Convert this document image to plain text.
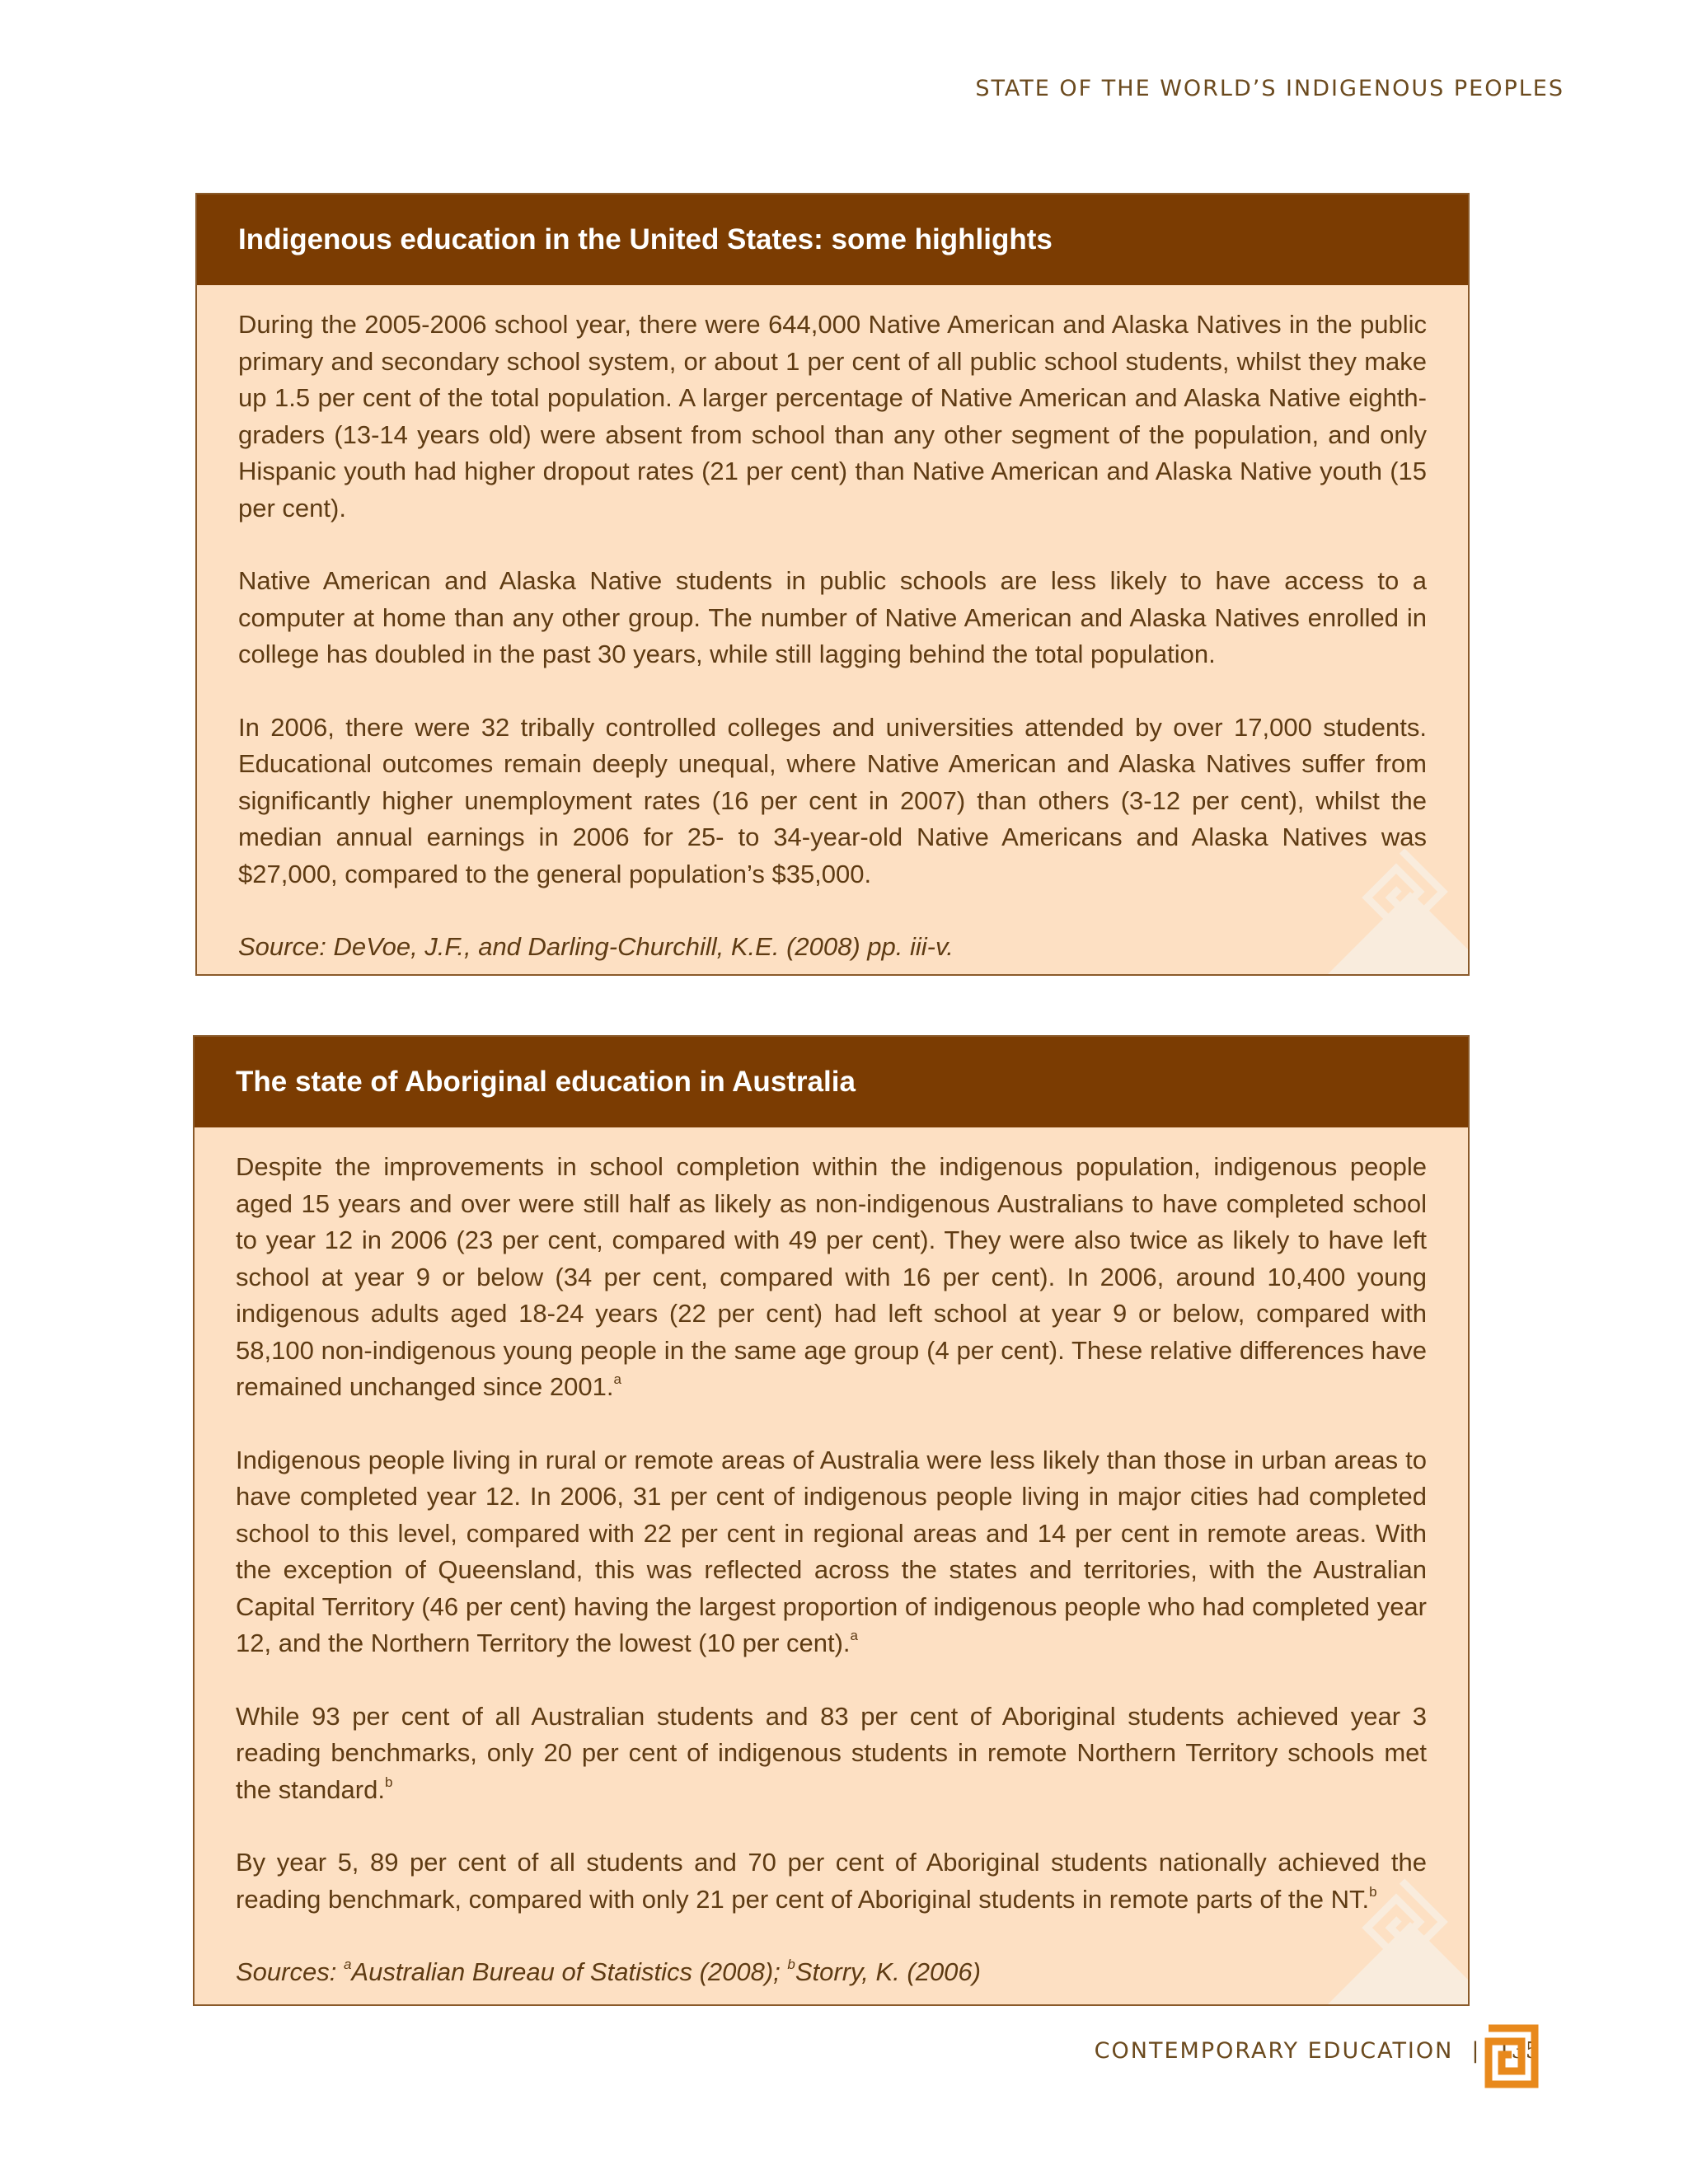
STATE OF THE WORLD’S INDIGENOUS PEOPLES
Indigenous education in the United States: some highlights

During the 2005-2006 school year, there were 644,000 Native American and Alaska Natives in the public primary and secondary school system, or about 1 per cent of all public school students, whilst they make up 1.5 per cent of the total population. A larger percentage of Native American and Alaska Native eighth-graders (13-14 years old) were absent from school than any other segment of the population, and only Hispanic youth had higher dropout rates (21 per cent) than Native American and Alaska Native youth (15 per cent).

Native American and Alaska Native students in public schools are less likely to have access to a computer at home than any other group. The number of Native American and Alaska Natives enrolled in college has doubled in the past 30 years, while still lagging behind the total population.

In 2006, there were 32 tribally controlled colleges and universities attended by over 17,000 students. Educational outcomes remain deeply unequal, where Native American and Alaska Natives suffer from significantly higher unemployment rates (16 per cent in 2007) than others (3-12 per cent), whilst the median annual earnings in 2006 for 25- to 34-year-old Native Americans and Alaska Natives was $27,000, compared to the general population’s $35,000.

Source: DeVoe, J.F., and Darling-Churchill, K.E. (2008) pp. iii-v.

The state of Aboriginal education in Australia

Despite the improvements in school completion within the indigenous population, indigenous people aged 15 years and over were still half as likely as non-indigenous Australians to have completed school to year 12 in 2006 (23 per cent, compared with 49 per cent). They were also twice as likely to have left school at year 9 or below (34 per cent, compared with 16 per cent). In 2006, around 10,400 young indigenous adults aged 18-24 years (22 per cent) had left school at year 9 or below, compared with 58,100 non-indigenous young people in the same age group (4 per cent). These relative differences have remained unchanged since 2001.$^a$

Indigenous people living in rural or remote areas of Australia were less likely than those in urban areas to have completed year 12. In 2006, 31 per cent of indigenous people living in major cities had completed school to this level, compared with 22 per cent in regional areas and 14 per cent in remote areas. With the exception of Queensland, this was reflected across the states and territories, with the Australian Capital Territory (46 per cent) having the largest proportion of indigenous people who had completed year 12, and the Northern Territory the lowest (10 per cent).$^a$

While 93 per cent of all Australian students and 83 per cent of Aboriginal students achieved year 3 reading benchmarks, only 20 per cent of indigenous students in remote Northern Territory schools met the standard.$^b$

By year 5, 89 per cent of all students and 70 per cent of Aboriginal students nationally achieved the reading benchmark, compared with only 21 per cent of Aboriginal students in remote parts of the NT.$^b$

Sources: $^a$Australian Bureau of Statistics (2008); $^b$Storry, K. (2006)

CONTEMPORARY EDUCATION | 135
